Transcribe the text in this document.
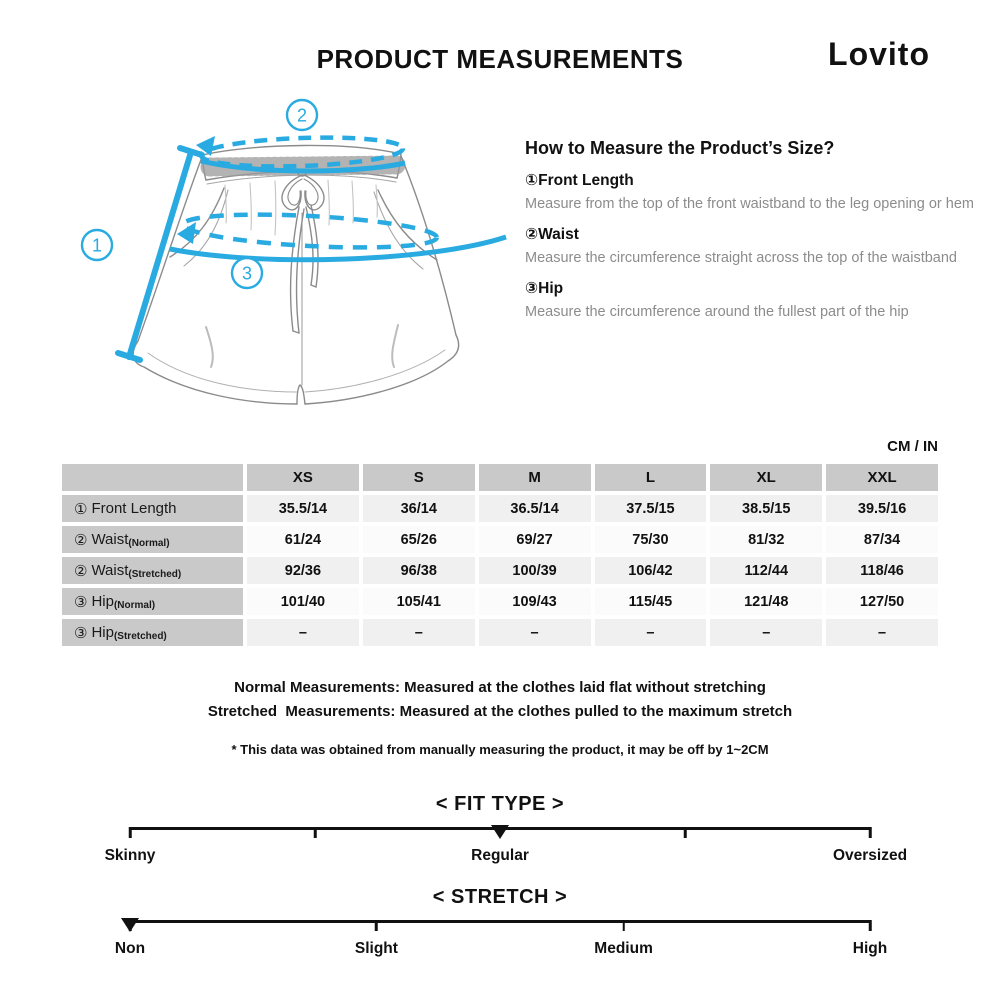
PRODUCT MEASUREMENTS	Lovito
1
2
3
How to Measure the Product’s Size?
①Front Length
Measure from the top of the front waistband to the leg opening or hem
②Waist
Measure the circumference straight across the top of the waistband
③Hip
Measure the circumference around the fullest part of the hip
CM / IN
XS	S	M	L	XL	XXL
① Front Length	35.5/14	36/14	36.5/14	37.5/15	38.5/15	39.5/16
② Waist (Normal)	61/24	65/26	69/27	75/30	81/32	87/34
② Waist (Stretched)	92/36	96/38	100/39	106/42	112/44	118/46
③ Hip (Normal)	101/40	105/41	109/43	115/45	121/48	127/50
③ Hip (Stretched)	–	–	–	–	–	–
Normal Measurements: Measured at the clothes laid flat without stretching
Stretched  Measurements: Measured at the clothes pulled to the maximum stretch
* This data was obtained from manually measuring the product, it may be off by 1~2CM
< FIT TYPE >
Skinny	Regular	Oversized
< STRETCH >
Non	Slight	Medium	High
